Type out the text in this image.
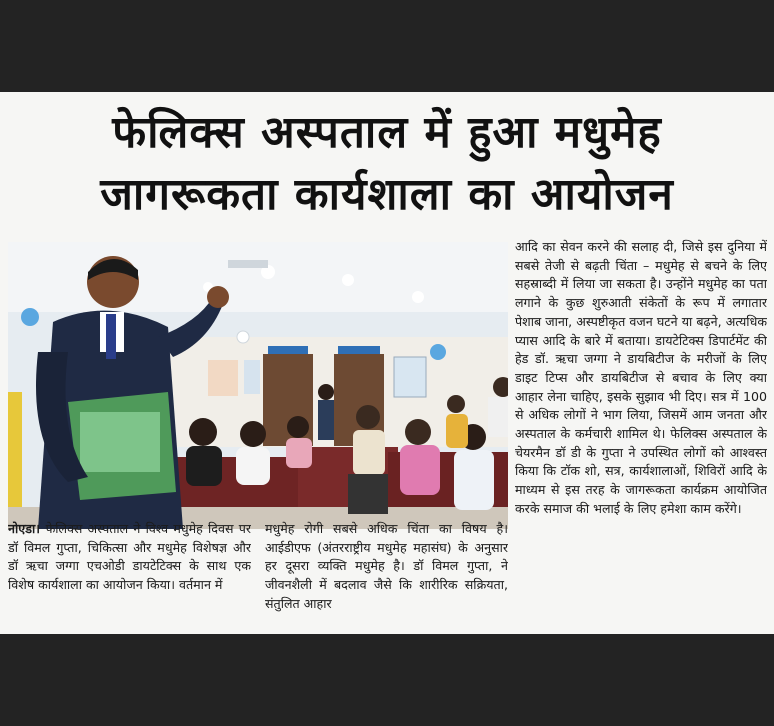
फेलिक्स अस्पताल में हुआ मधुमेह
जागरूकता कार्यशाला का आयोजन
आदि का सेवन करने की सलाह दी, जिसे इस दुनिया में सबसे तेजी से बढ़ती चिंता – मधुमेह से बचने के लिए सहस्राब्दी में लिया जा सकता है। उन्होंने मधुमेह का पता लगाने के कुछ शुरुआती संकेतों के रूप में लगातार पेशाब जाना, अस्पष्टीकृत वजन घटने या बढ़ने, अत्यधिक प्यास आदि के बारे में बताया। डायटेटिक्स डिपार्टमेंट की हेड डॉ. ऋचा जग्गा ने डायबिटीज के मरीजों के लिए डाइट टिप्स और डायबिटीज से बचाव के लिए क्या आहार लेना चाहिए, इसके सुझाव भी दिए। सत्र में 100 से अधिक लोगों ने भाग लिया, जिसमें आम जनता और अस्पताल के कर्मचारी शामिल थे। फेलिक्स अस्पताल के चेयरमैन डॉ डी के गुप्ता ने उपस्थित लोगों को आश्वस्त किया कि टॉक शो, सत्र, कार्यशालाओं, शिविरों आदि के माध्यम से इस तरह के जागरूकता कार्यक्रम आयोजित करके समाज की भलाई के लिए हमेशा काम करेंगे।
नोएडा। फेलिक्स अस्पताल ने विश्व मधुमेह दिवस पर डॉ विमल गुप्ता, चिकित्सा और मधुमेह विशेषज्ञ और डॉ ऋचा जग्गा एचओडी डायटेटिक्स के साथ एक विशेष कार्यशाला का आयोजन किया। वर्तमान में
मधुमेह रोगी सबसे अधिक चिंता का विषय है। आईडीएफ (अंतरराष्ट्रीय मधुमेह महासंघ) के अनुसार हर दूसरा व्यक्ति मधुमेह है। डॉ विमल गुप्ता, ने जीवनशैली में बदलाव जैसे कि शारीरिक सक्रियता, संतुलित आहार
